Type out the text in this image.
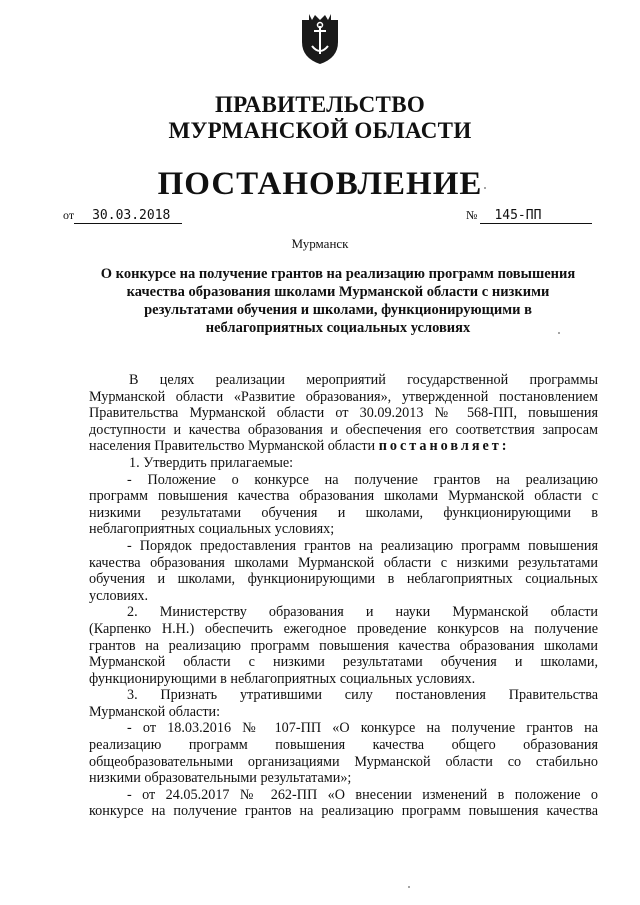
ПРАВИТЕЛЬСТВО
МУРМАНСКОЙ ОБЛАСТИ
ПОСТАНОВЛЕНИЕ
от 30.03.2018	№ 145-ПП
Мурманск
О конкурсе на получение грантов на реализацию программ повышения
качества образования школами Мурманской области с низкими
результатами обучения и школами, функционирующими в
неблагоприятных социальных условиях
В целях реализации мероприятий государственной программы
Мурманской области «Развитие образования», утвержденной постановлением
Правительства Мурманской области от 30.09.2013 № 568-ПП, повышения
доступности и качества образования и обеспечения его соответствия запросам
населения Правительство Мурманской области постановляет:
1. Утвердить прилагаемые:
- Положение о конкурсе на получение грантов на реализацию
программ повышения качества образования школами Мурманской области с
низкими результатами обучения и школами, функционирующими в
неблагоприятных социальных условиях;
- Порядок предоставления грантов на реализацию программ повышения
качества образования школами Мурманской области с низкими результатами
обучения и школами, функционирующими в неблагоприятных социальных
условиях.
2. Министерству образования и науки Мурманской области
(Карпенко Н.Н.) обеспечить ежегодное проведение конкурсов на получение
грантов на реализацию программ повышения качества образования школами
Мурманской области с низкими результатами обучения и школами,
функционирующими в неблагоприятных социальных условиях.
3. Признать утратившими силу постановления Правительства
Мурманской области:
- от 18.03.2016 № 107-ПП «О конкурсе на получение грантов на
реализацию программ повышения качества общего образования
общеобразовательными организациями Мурманской области со стабильно
низкими образовательными результатами»;
- от 24.05.2017 № 262-ПП «О внесении изменений в положение о
конкурсе на получение грантов на реализацию программ повышения качества
